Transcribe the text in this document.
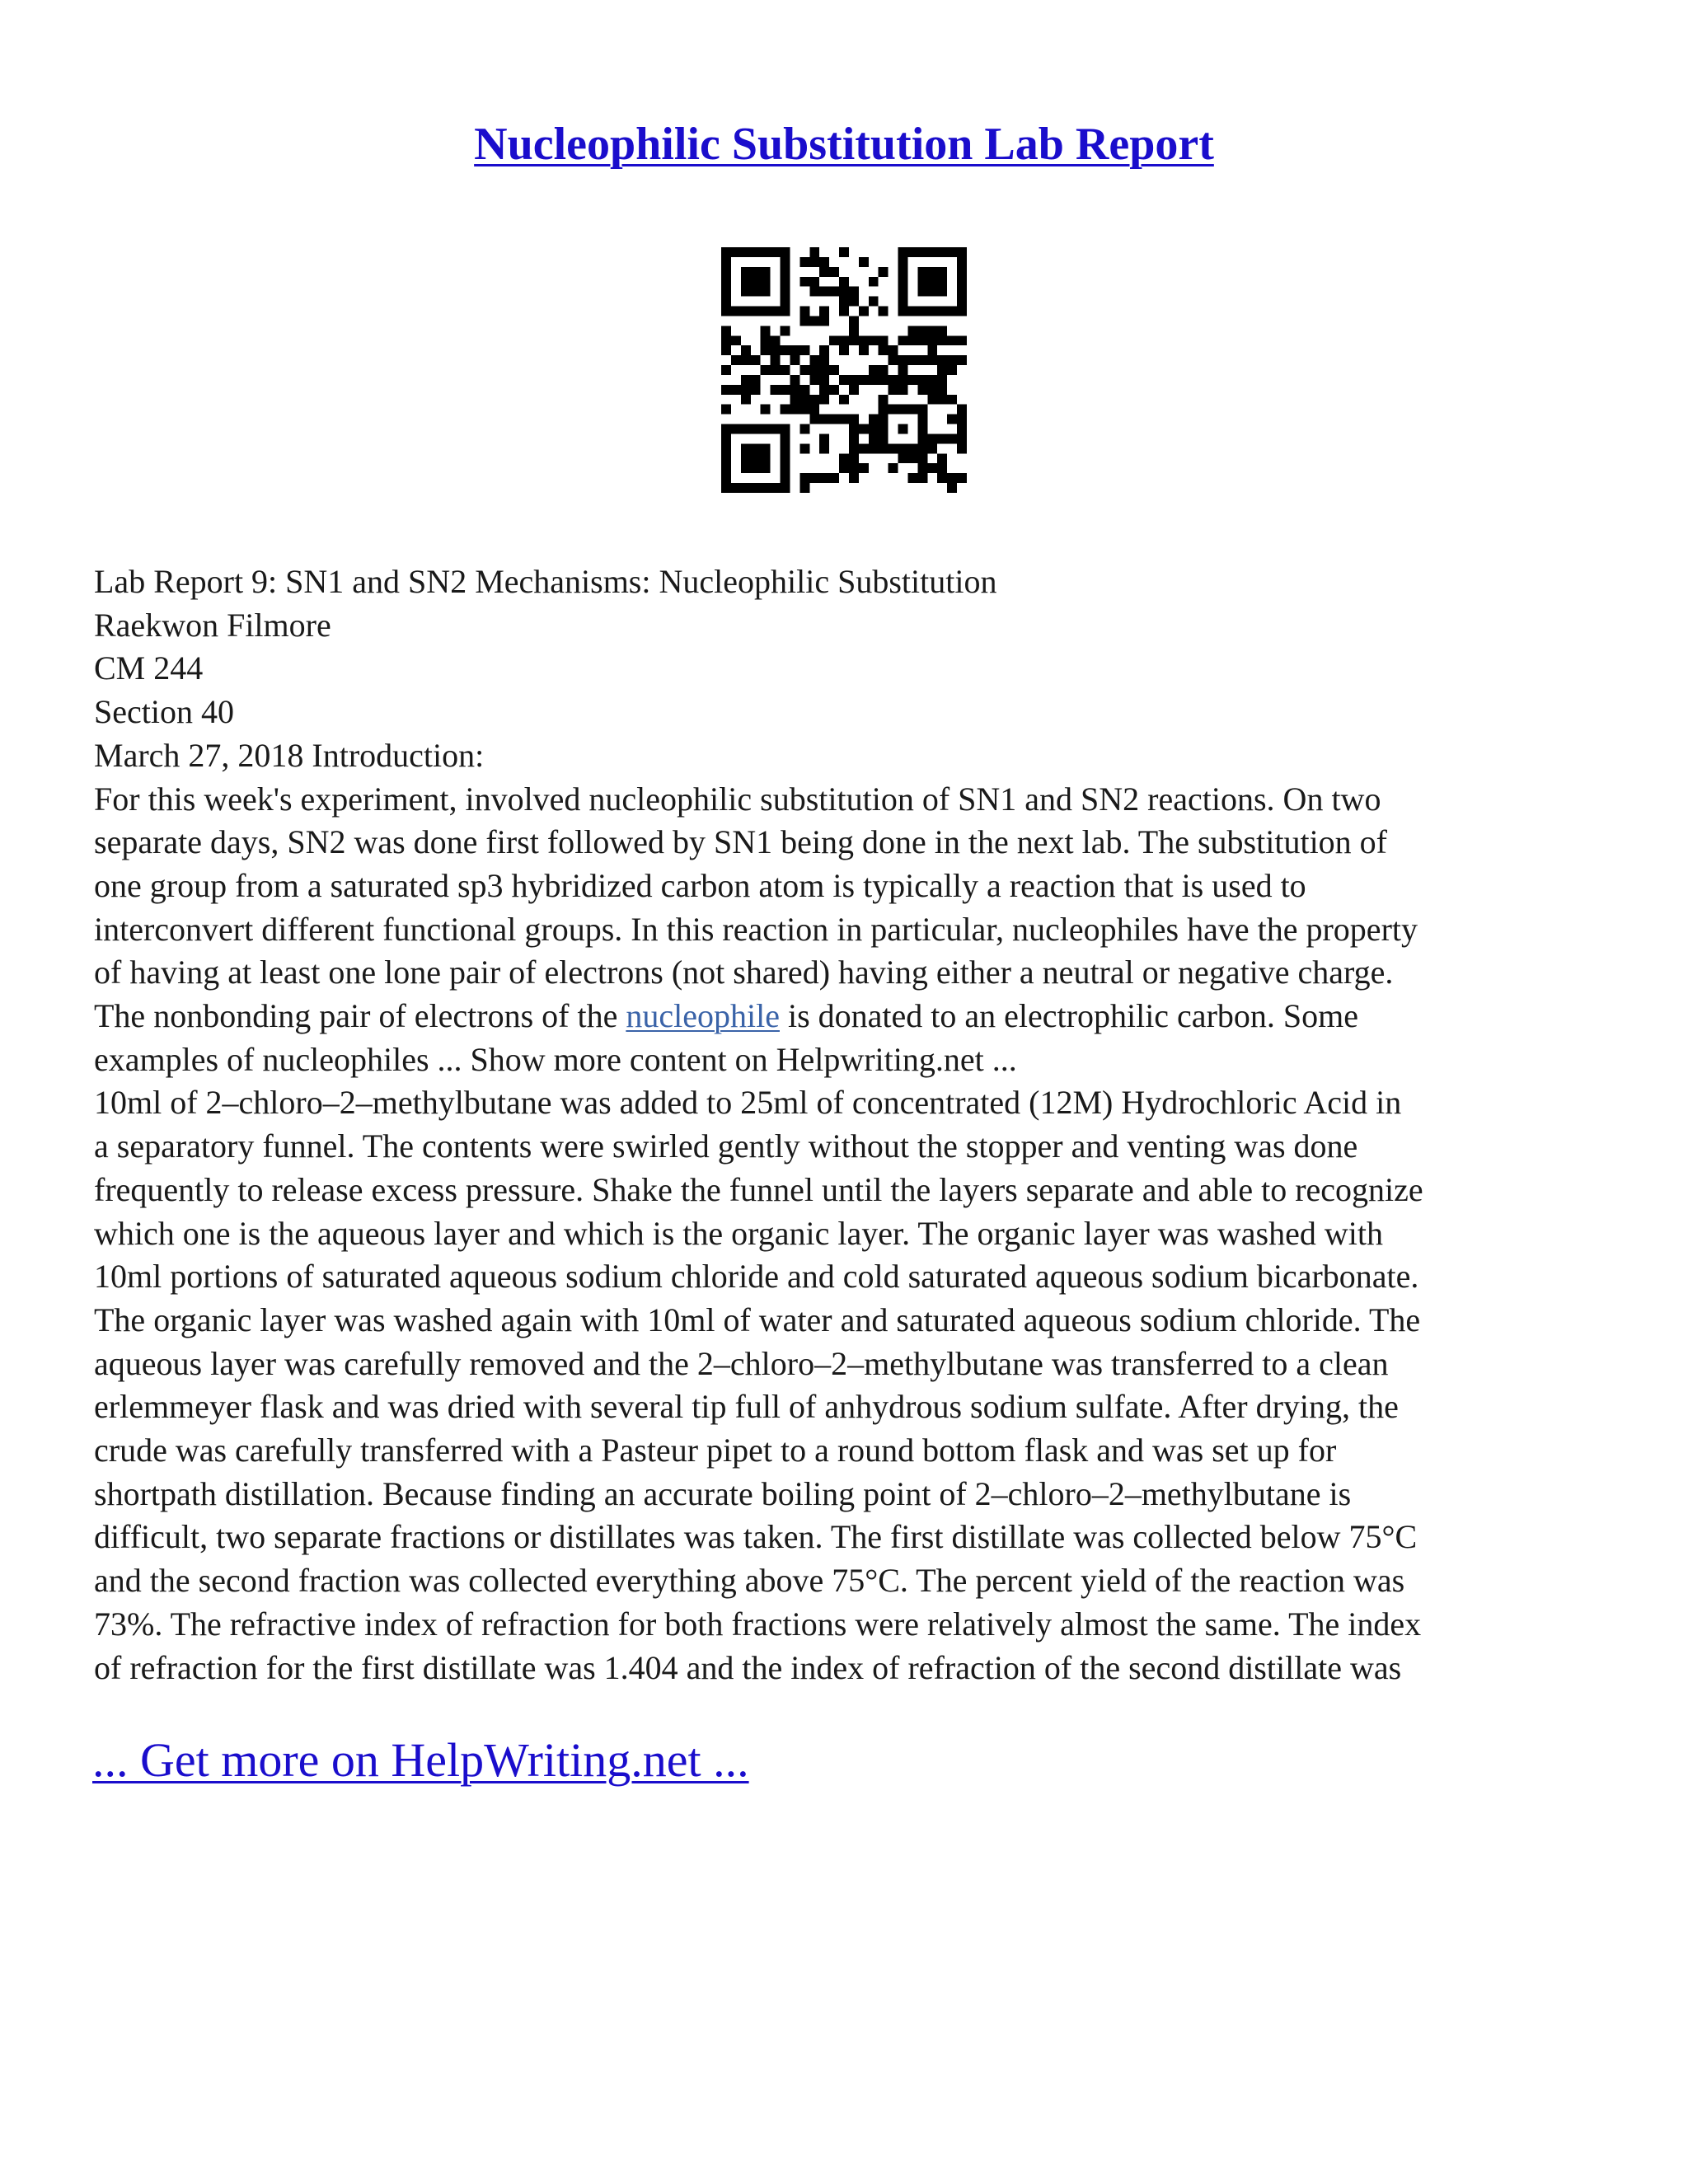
Nucleophilic Substitution Lab Report
Lab Report 9: SN1 and SN2 Mechanisms: Nucleophilic Substitution
Raekwon Filmore
CM 244
Section 40
March 27, 2018 Introduction:
For this week's experiment, involved nucleophilic substitution of SN1 and SN2 reactions. On two
separate days, SN2 was done first followed by SN1 being done in the next lab. The substitution of
one group from a saturated sp3 hybridized carbon atom is typically a reaction that is used to
interconvert different functional groups. In this reaction in particular, nucleophiles have the property
of having at least one lone pair of electrons (not shared) having either a neutral or negative charge.
The nonbonding pair of electrons of the nucleophile is donated to an electrophilic carbon. Some
examples of nucleophiles ... Show more content on Helpwriting.net ...
10ml of 2–chloro–2–methylbutane was added to 25ml of concentrated (12M) Hydrochloric Acid in
a separatory funnel. The contents were swirled gently without the stopper and venting was done
frequently to release excess pressure. Shake the funnel until the layers separate and able to recognize
which one is the aqueous layer and which is the organic layer. The organic layer was washed with
10ml portions of saturated aqueous sodium chloride and cold saturated aqueous sodium bicarbonate.
The organic layer was washed again with 10ml of water and saturated aqueous sodium chloride. The
aqueous layer was carefully removed and the 2–chloro–2–methylbutane was transferred to a clean
erlemmeyer flask and was dried with several tip full of anhydrous sodium sulfate. After drying, the
crude was carefully transferred with a Pasteur pipet to a round bottom flask and was set up for
shortpath distillation. Because finding an accurate boiling point of 2–chloro–2–methylbutane is
difficult, two separate fractions or distillates was taken. The first distillate was collected below 75°C
and the second fraction was collected everything above 75°C. The percent yield of the reaction was
73%. The refractive index of refraction for both fractions were relatively almost the same. The index
of refraction for the first distillate was 1.404 and the index of refraction of the second distillate was
... Get more on HelpWriting.net ...
